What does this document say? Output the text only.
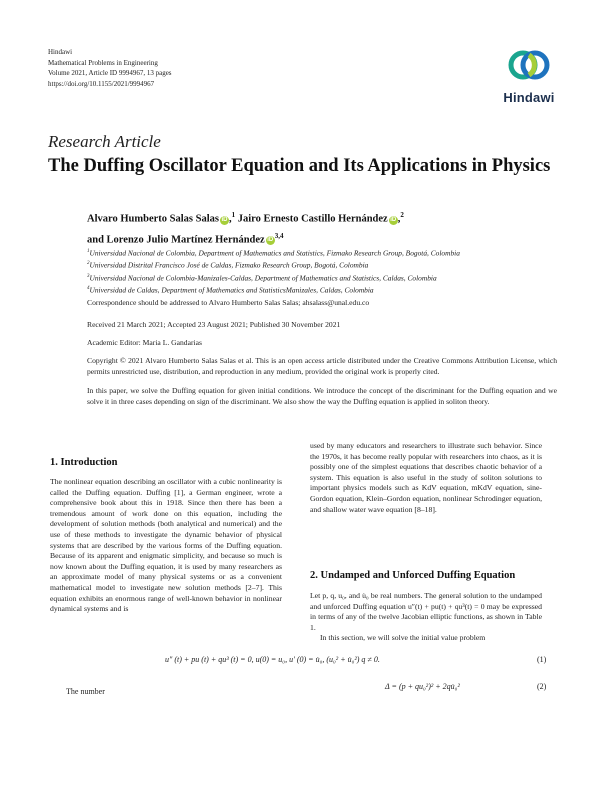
Hindawi
Mathematical Problems in Engineering
Volume 2021, Article ID 9994967, 13 pages
https://doi.org/10.1155/2021/9994967
Hindawi
Research Article
The Duffing Oscillator Equation and Its Applications in Physics
Alvaro Humberto Salas Salas iD ,$^1$ Jairo Ernesto Castillo Hernández iD ,$^2$
and Lorenzo Julio Martínez Hernández iD$^{3,4}$
$^1$Universidad Nacional de Colombia, Department of Mathematics and Statistics, Fizmako Research Group, Bogotá, Colombia
$^2$Universidad Distrital Francisco José de Caldas, Fizmako Research Group, Bogotá, Colombia
$^3$Universidad Nacional de Colombia-Manizales-Caldas, Department of Mathematics and Statistics, Caldas, Colombia
$^4$Universidad de Caldas, Department of Mathematics and StatisticsManizales, Caldas, Colombia
Correspondence should be addressed to Alvaro Humberto Salas Salas; ahsalass@unal.edu.co
Received 21 March 2021; Accepted 23 August 2021; Published 30 November 2021
Academic Editor: Maria L. Gandarias
Copyright © 2021 Alvaro Humberto Salas Salas et al. This is an open access article distributed under the Creative Commons Attribution License, which permits unrestricted use, distribution, and reproduction in any medium, provided the original work is properly cited.
In this paper, we solve the Duffing equation for given initial conditions. We introduce the concept of the discriminant for the Duffing equation and we solve it in three cases depending on sign of the discriminant. We also show the way the Duffing equation is applied in soliton theory.
1. Introduction

The nonlinear equation describing an oscillator with a cubic nonlinearity is called the Duffing equation. Duffing [1], a German engineer, wrote a comprehensive book about this in 1918. Since then there has been a tremendous amount of work done on this equation, including the development of solution methods (both analytical and numerical) and the use of these methods to investigate the dynamic behavior of physical systems that are described by the various forms of the Duffing equation. Because of its apparent and enigmatic simplicity, and because so much is now known about the Duffing equation, it is used by many researchers as an approximate model of many physical systems or as a convenient mathematical model to investigate new solution methods [2–7]. This equation exhibits an enormous range of well-known behavior in nonlinear dynamical systems and is

used by many educators and researchers to illustrate such behavior. Since the 1970s, it has become really popular with researchers into chaos, as it is possibly one of the simplest equations that describes chaotic behavior of a system. This equation is also useful in the study of soliton solutions to important physics models such as KdV equation, mKdV equation, sine-Gordon equation, Klein–Gordon equation, nonlinear Schrodinger equation, and shallow water wave equation [8–18].

2. Undamped and Unforced Duffing Equation

Let p, q, u₀, and u̇₀ be real numbers. The general solution to the undamped and unforced Duffing equation u″(t) + pu(t) + qu³(t) = 0 may be expressed in terms of any of the twelve Jacobian elliptic functions, as shown in Table 1.

In this section, we will solve the initial value problem

u″ (t) + pu (t) + qu³ (t) = 0, u(0) = u₀, u′ (0) = u̇₀, (u₀² + u̇₀²) q ≠ 0.	(1)
The number
Δ = (p + qu₀²)² + 2qu̇₀²	(2)
